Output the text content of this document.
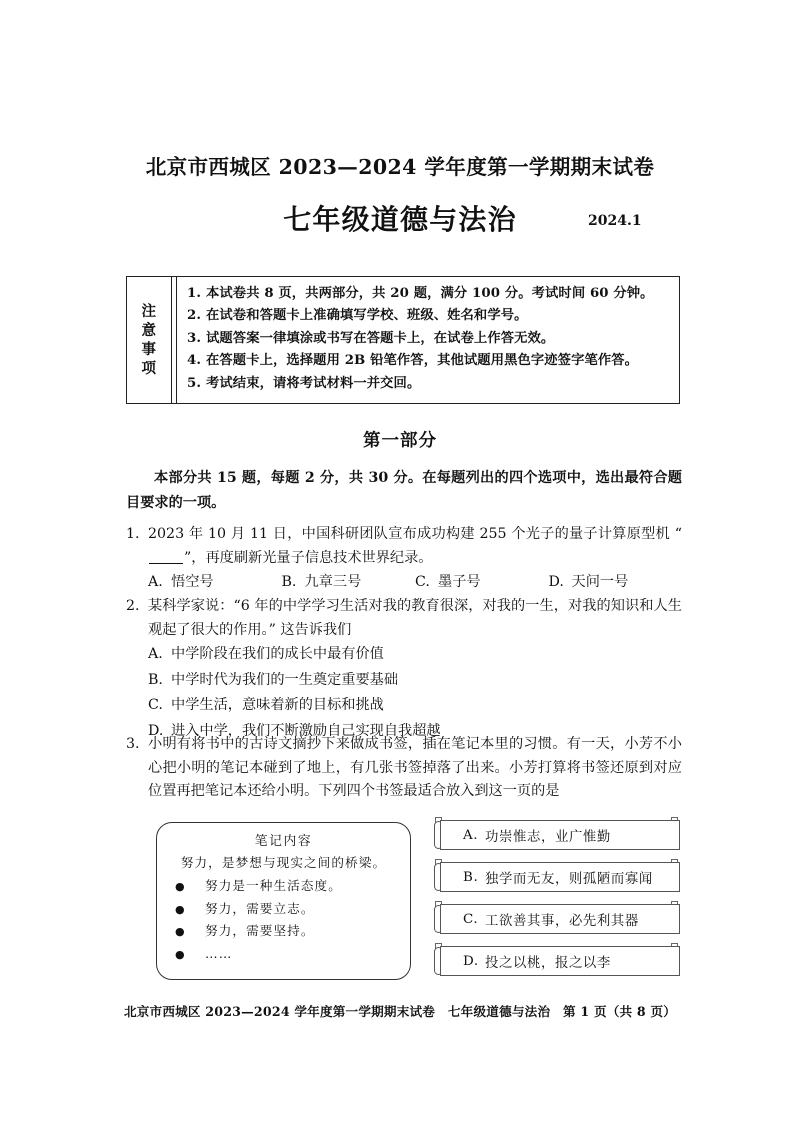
北京市西城区 2023—2024 学年度第一学期期末试卷
七年级道德与法治	2024.1
注
意
事
项
1. 本试卷共 8 页，共两部分，共 20 题，满分 100 分。考试时间 60 分钟。
2. 在试卷和答题卡上准确填写学校、班级、姓名和学号。
3. 试题答案一律填涂或书写在答题卡上，在试卷上作答无效。
4. 在答题卡上，选择题用 2B 铅笔作答，其他试题用黑色字迹签字笔作答。
5. 考试结束，请将考试材料一并交回。
第一部分
本部分共 15 题，每题 2 分，共 30 分。在每题列出的四个选项中，选出最符合题目要求的一项。
1. 2023 年 10 月 11 日，中国科研团队宣布成功构建 255 个光子的量子计算原型机 “”，再度刷新光量子信息技术世界纪录。
A. 悟空号	B. 九章三号	C. 墨子号	D. 天问一号
2. 某科学家说：“6 年的中学学习生活对我的教育很深，对我的一生，对我的知识和人生观起了很大的作用。” 这告诉我们
A. 中学阶段在我们的成长中最有价值
B. 中学时代为我们的一生奠定重要基础
C. 中学生活，意味着新的目标和挑战
D. 进入中学，我们不断激励自己实现自我超越
3. 小明有将书中的古诗文摘抄下来做成书签，插在笔记本里的习惯。有一天，小芳不小心把小明的笔记本碰到了地上，有几张书签掉落了出来。小芳打算将书签还原到对应位置再把笔记本还给小明。下列四个书签最适合放入到这一页的是
笔记内容
努力，是梦想与现实之间的桥梁。
●	努力是一种生活态度。
●	努力，需要立志。
●	努力，需要坚持。
●	……
A. 功崇惟志，业广惟勤
B. 独学而无友，则孤陋而寡闻
C. 工欲善其事，必先利其器
D. 投之以桃，报之以李
北京市西城区 2023—2024 学年度第一学期期末试卷　七年级道德与法治　第 1 页（共 8 页）
